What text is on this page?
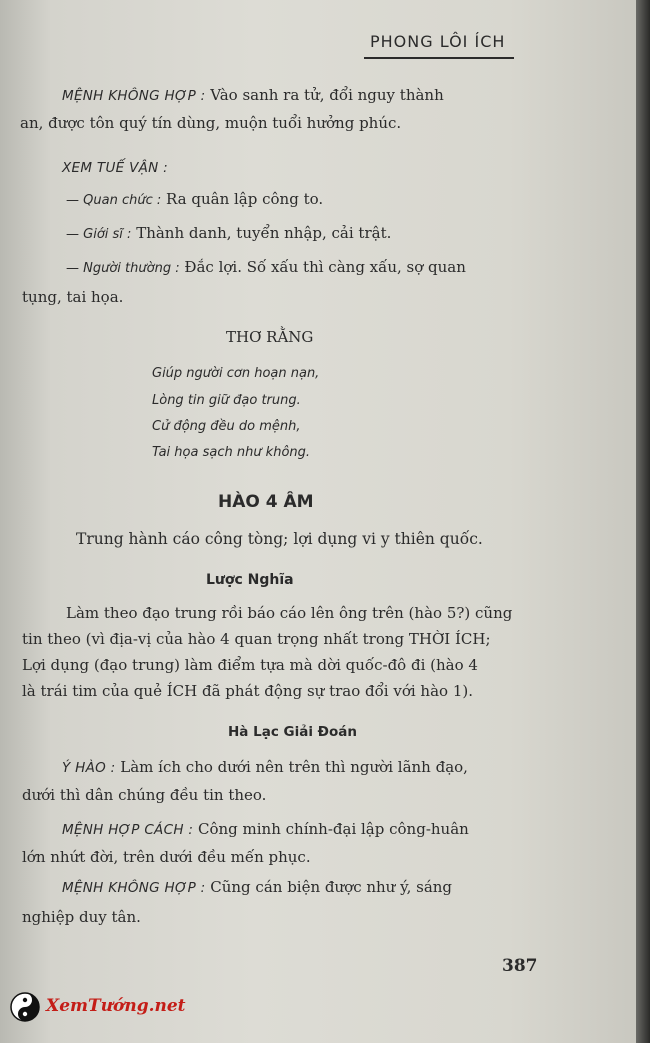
PHONG LÔI ÍCH
MỆNH KHÔNG HỢP : Vào sanh ra tử, đổi nguy thành
an, được tôn quý tín dùng, muộn tuổi hưởng phúc.
XEM TUẾ VẬN :
— Quan chức : Ra quân lập công to.
— Giới sĩ : Thành danh, tuyển nhập, cải trật.
— Người thường : Đắc lợi. Số xấu thì càng xấu, sợ quan
tụng, tai họa.
THƠ RẰNG
Giúp người cơn hoạn nạn,
Lòng tin giữ đạo trung.
Cử động đều do mệnh,
Tai họa sạch như không.
HÀO 4 ÂM
Trung hành cáo công tòng; lợi dụng vi y thiên quốc.
Lược Nghĩa
Làm theo đạo trung rồi báo cáo lên ông trên (hào 5?) cũng
tin theo (vì địa-vị của hào 4 quan trọng nhất trong THỜI ÍCH;
Lợi dụng (đạo trung) làm điểm tựa mà dời quốc-đô đi (hào 4
là trái tim của quẻ ÍCH đã phát động sự trao đổi với hào 1).
Hà Lạc Giải Đoán
Ý HÀO : Làm ích cho dưới nên trên thì người lãnh đạo,
dưới thì dân chúng đều tin theo.
MỆNH HỢP CÁCH : Công minh chính-đại lập công-huân
lớn nhứt đời, trên dưới đều mến phục.
MỆNH KHÔNG HỢP : Cũng cán biện được như ý, sáng
nghiệp duy tân.
387
XemTướng.net
